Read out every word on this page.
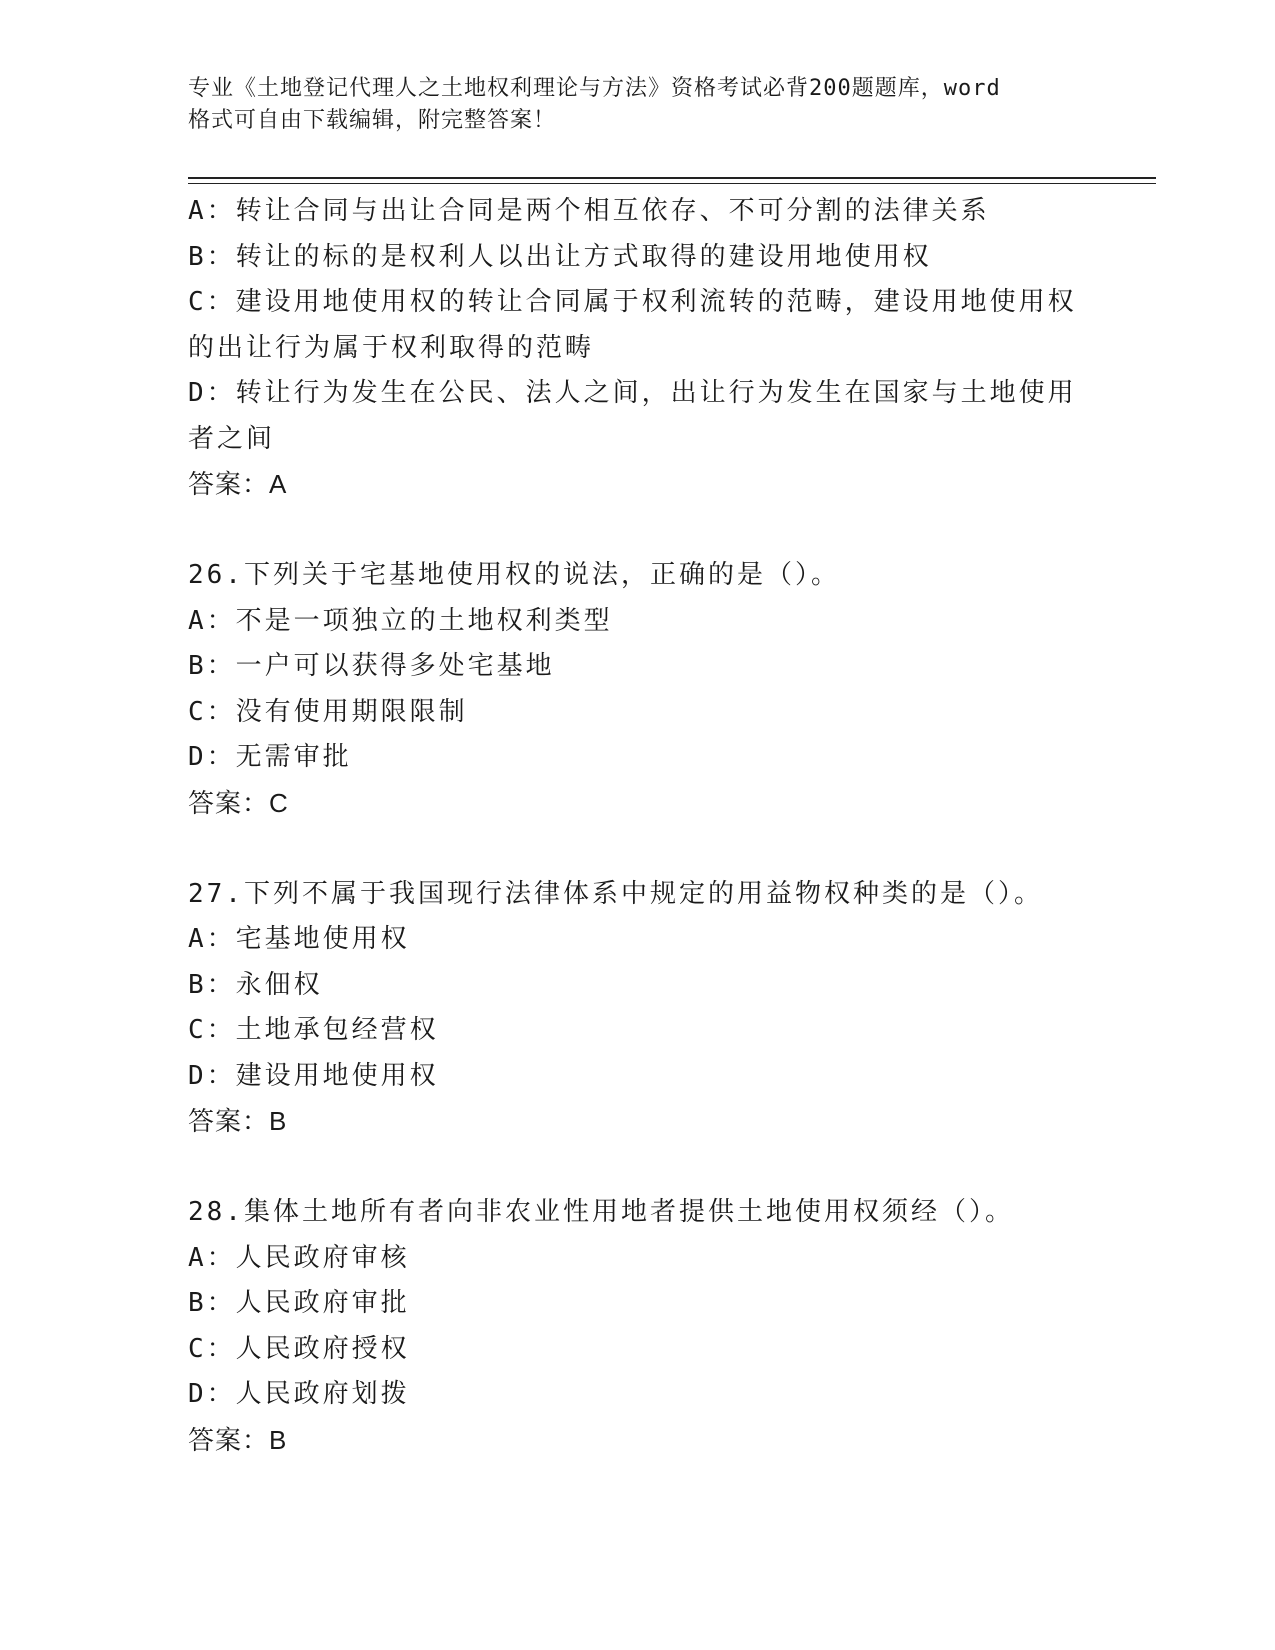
专业《土地登记代理人之土地权利理论与方法》资格考试必背200题题库，word
格式可自由下载编辑，附完整答案！
A：转让合同与出让合同是两个相互依存、不可分割的法律关系
B：转让的标的是权利人以出让方式取得的建设用地使用权
C：建设用地使用权的转让合同属于权利流转的范畴，建设用地使用权
的出让行为属于权利取得的范畴
D：转让行为发生在公民、法人之间，出让行为发生在国家与土地使用
者之间
答案：A
26.下列关于宅基地使用权的说法，正确的是（）。
A：不是一项独立的土地权利类型
B：一户可以获得多处宅基地
C：没有使用期限限制
D：无需审批
答案：C
27.下列不属于我国现行法律体系中规定的用益物权种类的是（）。
A：宅基地使用权
B：永佃权
C：土地承包经营权
D：建设用地使用权
答案：B
28.集体土地所有者向非农业性用地者提供土地使用权须经（）。
A：人民政府审核
B：人民政府审批
C：人民政府授权
D：人民政府划拨
答案：B
